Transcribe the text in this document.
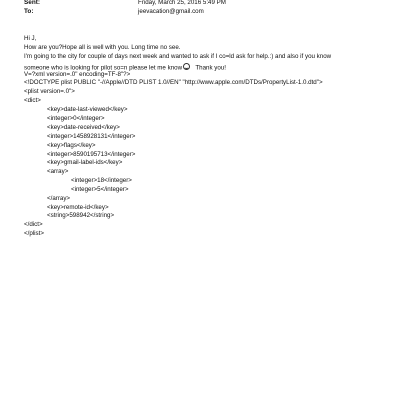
Sent:	Friday, March 25, 2016 5:49 PM
To:	jeevacation@gmail.com
Hi J,
How are you?Hope all is well with you. Long time no see.
I'm going to the city for couple of days next week and wanted to ask if I co=ld ask for help.:) and also if you know
someone who is looking for pilot so=n please let me know Thank you!
V=?xml version=.0" encoding=TF-8"?>
<!DOCTYPE plist PUBLIC "-//Apple//DTD PLIST 1.0//EN" "http://www.apple.com/DTDs/PropertyList-1.0.dtd">
<plist version=.0">
<dict>
<key>date-last-viewed</key>
<integer>0</integer>
<key>date-received</key>
<integer>1458928131</integer>
<key>flags</key>
<integer>8590195713</integer>
<key>gmail-label-ids</key>
<array>
<integer>18</integer>
<integer>5</integer>
</array>
<key>remote-id</key>
<string>598942</string>
</dict>
</plist>
